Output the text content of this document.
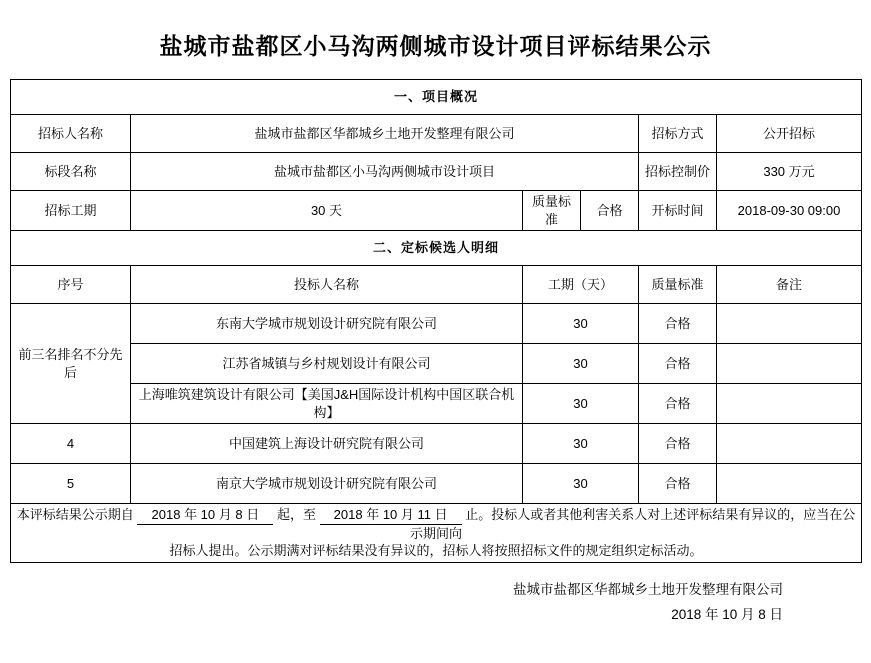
盐城市盐都区小马沟两侧城市设计项目评标结果公示
一、项目概况					
招标人名称	盐城市盐都区华都城乡土地开发整理有限公司			招标方式	公开招标
标段名称	盐城市盐都区小马沟两侧城市设计项目			招标控制价	330 万元
招标工期	30 天	质量标准	合格	开标时间	2018-09-30 09:00
二、定标候选人明细					
序号	投标人名称	工期（天）		质量标准	备注
前三名排名不分先后	东南大学城市规划设计研究院有限公司	30		合格	
	江苏省城镇与乡村规划设计有限公司	30		合格	
	上海唯筑建筑设计有限公司【美国J&H国际设计机构中国区联合机构】	30		合格	
4	中国建筑上海设计研究院有限公司	30		合格	
5	南京大学城市规划设计研究院有限公司	30		合格	
本评标结果公示期自 2018 年 10 月 8 日 起，至 2018 年 10 月 11 日 止。投标人或者其他利害关系人对上述评标结果有异议的，应当在公示期间向
招标人提出。公示期满对评标结果没有异议的，招标人将按照招标文件的规定组织定标活动。					
盐城市盐都区华都城乡土地开发整理有限公司
2018 年 10 月 8 日
